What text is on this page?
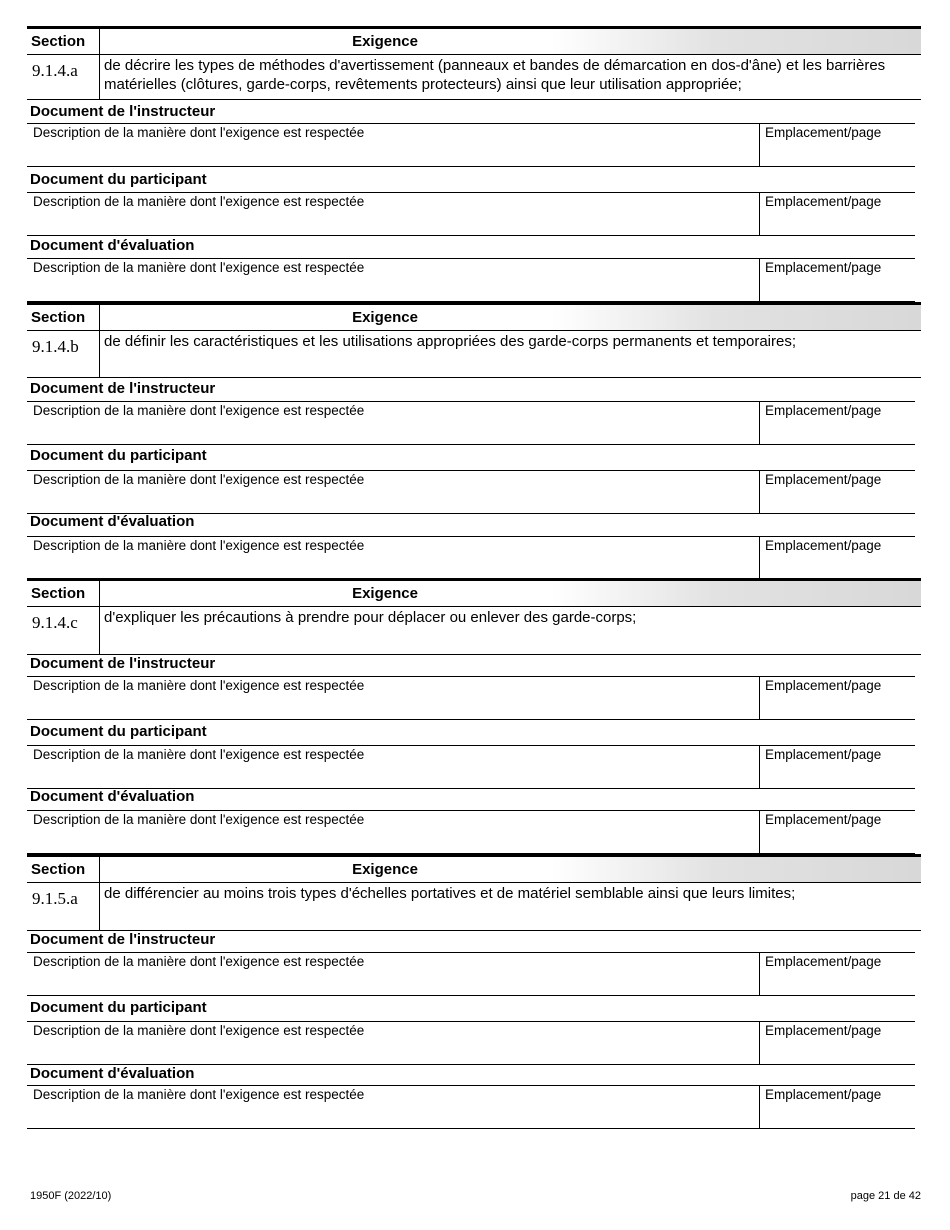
Section	Exigence
9.1.4.a	de décrire les types de méthodes d'avertissement (panneaux et bandes de démarcation en dos-d'âne) et les barrières matérielles (clôtures, garde-corps, revêtements protecteurs) ainsi que leur utilisation appropriée;
Document de l'instructeur
Description de la manière dont l'exigence est respectée	Emplacement/page
Document du participant
Description de la manière dont l'exigence est respectée	Emplacement/page
Document d'évaluation
Description de la manière dont l'exigence est respectée	Emplacement/page
Section	Exigence
9.1.4.b	de définir les caractéristiques et les utilisations appropriées des garde-corps permanents et temporaires;
Document de l'instructeur
Description de la manière dont l'exigence est respectée	Emplacement/page
Document du participant
Description de la manière dont l'exigence est respectée	Emplacement/page
Document d'évaluation
Description de la manière dont l'exigence est respectée	Emplacement/page
Section	Exigence
9.1.4.c	d'expliquer les précautions à prendre pour déplacer ou enlever des garde-corps;
Document de l'instructeur
Description de la manière dont l'exigence est respectée	Emplacement/page
Document du participant
Description de la manière dont l'exigence est respectée	Emplacement/page
Document d'évaluation
Description de la manière dont l'exigence est respectée	Emplacement/page
Section	Exigence
9.1.5.a	de différencier au moins trois types d'échelles portatives et de matériel semblable ainsi que leurs limites;
Document de l'instructeur
Description de la manière dont l'exigence est respectée	Emplacement/page
Document du participant
Description de la manière dont l'exigence est respectée	Emplacement/page
Document d'évaluation
Description de la manière dont l'exigence est respectée	Emplacement/page
1950F (2022/10)	page 21 de 42
